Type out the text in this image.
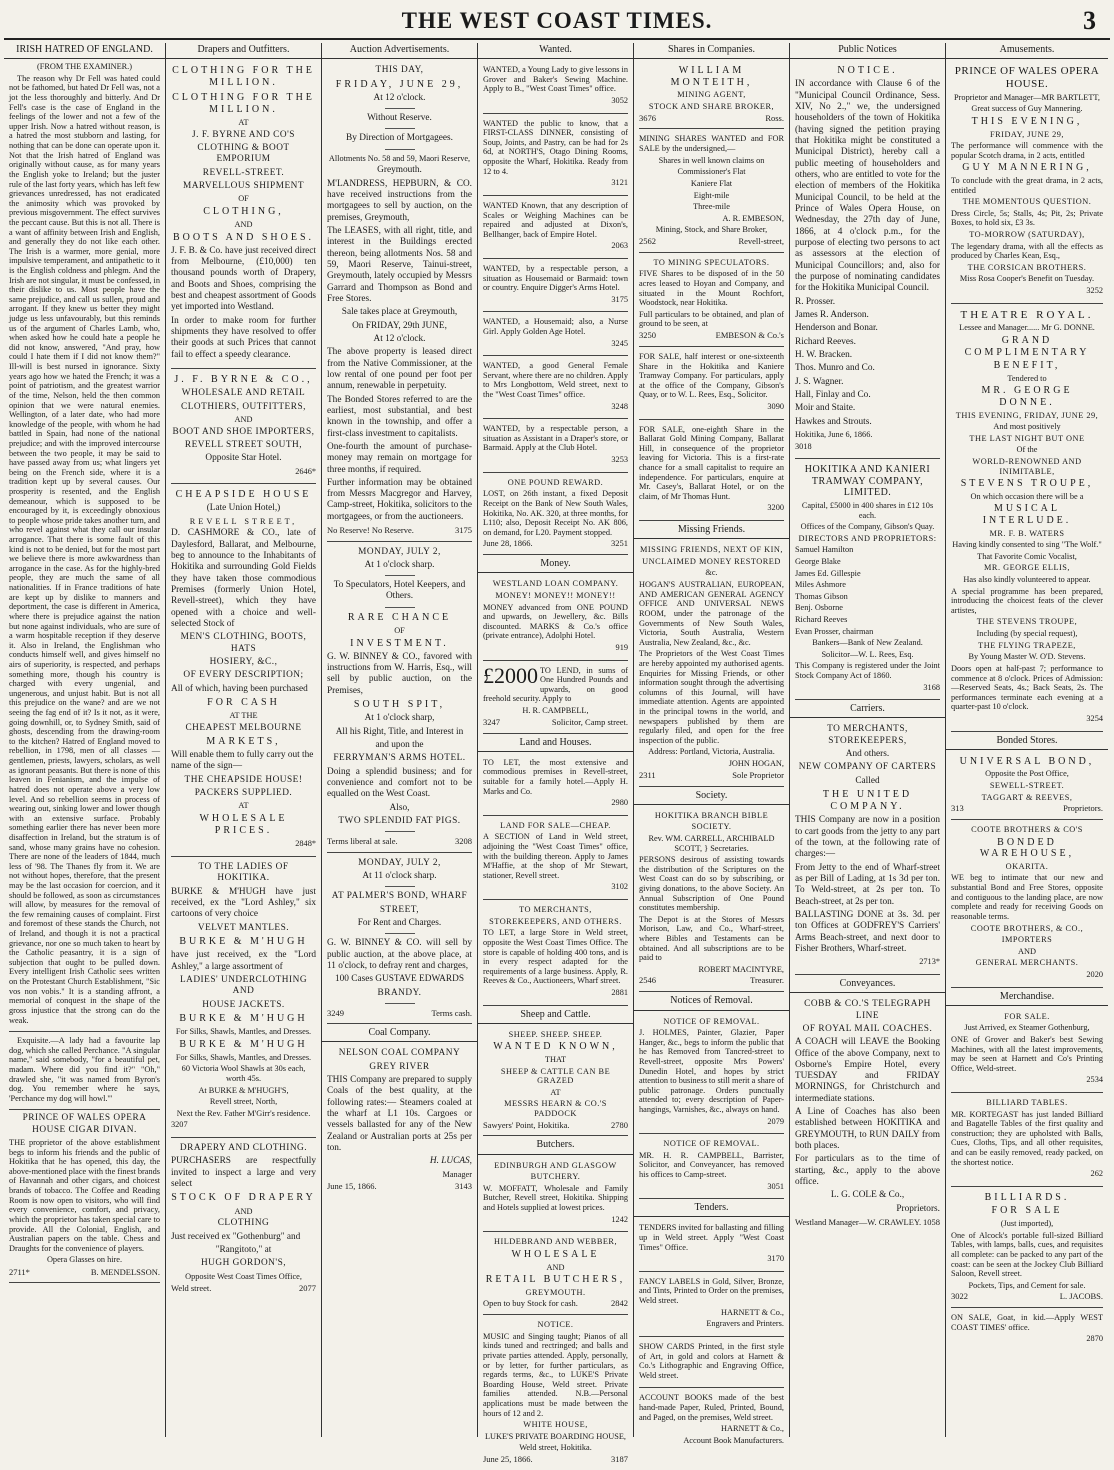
THE WEST COAST TIMES.	3
IRISH HATRED OF ENGLAND.

(FROM THE EXAMINER.)

The reason why Dr Fell was hated could not be fathomed, but hated Dr Fell was, not a jot the less thoroughly and bitterly. And Dr Fell's case is the case of England in the feelings of the lower and not a few of the upper Irish. Now a hatred without reason, is a hatred the most stubborn and lasting, for nothing that can be done can operate upon it. Not that the Irish hatred of England was originally without cause, as for many years the English yoke to Ireland; but the juster rule of the last forty years, which has left few grievances unredressed, has not eradicated the animosity which was provoked by previous misgovernment. The effect survives the peccant cause. But this is not all. There is a want of affinity between Irish and English, and generally they do not like each other. The Irish is a warmer, more genial, more impulsive temperament, and antipathetic to it is the English coldness and phlegm. And the Irish are not singular, it must be confessed, in their dislike to us. Most people have the same prejudice, and call us sullen, proud and arrogant. If they knew us better they might judge us less unfavourably, but this reminds us of the argument of Charles Lamb, who, when asked how he could hate a people he did not know, answered, "And pray, how could I hate them if I did not know them?" Ill-will is best nursed in ignorance. Sixty years ago how we hated the French; it was a point of patriotism, and the greatest warrior of the time, Nelson, held the then common opinion that we were natural enemies. Wellington, of a later date, who had more knowledge of the people, with whom he had battled in Spain, had none of the national prejudice; and with the improved intercourse between the two people, it may be said to have passed away from us; what lingers yet being on the French side, where it is a tradition kept up by several causes. Our prosperity is resented, and the English demeanour, which is supposed to be encouraged by it, is exceedingly obnoxious to people whose pride takes another turn, and who revel against what they call our insular arrogance. That there is some fault of this kind is not to be denied, but for the most part we believe there is more awkwardness than arrogance in the case. As for the highly-bred people, they are much the same of all nationalities. If in France traditions of hate are kept up by dislike to manners and deportment, the case is different in America, where there is prejudice against the nation but none against individuals, who are sure of a warm hospitable reception if they deserve it. Also in Ireland, the Englishman who conducts himself well, and gives himself no airs of superiority, is respected, and perhaps something more, though his country is charged with every ungenial, and ungenerous, and unjust habit. But is not all this prejudice on the wane? and are we not seeing the fag end of it? Is it not, as it were, going downhill, or, to Sydney Smith, said of ghosts, descending from the drawing-room to the kitchen? Hatred of England moved to rebellion, in 1798, men of all classes — gentlemen, priests, lawyers, scholars, as well as ignorant peasants. But there is none of this leaven in Fenianism, and the impulse of hatred does not operate above a very low level. And so rebellion seems in process of wearing out, sinking lower and lower though with an extensive surface. Probably something earlier there has never been more disaffection in Ireland, but the stratum is of sand, whose many grains have no cohesion. There are none of the leaders of 1844, much less of '98. The Thanes fly from it. We are not without hopes, therefore, that the present may be the last occasion for coercion, and it should be followed, as soon as circumstances will allow, by measures for the removal of the few remaining causes of complaint. First and foremost of these stands the Church, not of Ireland, and though it is not a practical grievance, nor one so much taken to heart by the Catholic peasantry, it is a sign of subjection that ought to be pulled down. Every intelligent Irish Catholic sees written on the Protestant Church Establishment, "Sic vos non vobis." It is a standing affront, a memorial of conquest in the shape of the gross injustice that the strong can do the weak.

Exquisite.—A lady had a favourite lap dog, which she called Perchance. "A singular name," said somebody, "for a beautiful pet, madam. Where did you find it?" "Oh," drawled she, "it was named from Byron's dog. You remember where he says, 'Perchance my dog will howl.'"

PRINCE OF WALES OPERA HOUSE CIGAR DIVAN.

THE proprietor of the above establishment begs to inform his friends and the public of Hokitika that he has opened, this day, the above-mentioned place with the finest brands of Havannah and other cigars, and choicest brands of tobacco. The Coffee and Reading Room is now open to visitors, who will find every convenience, comfort, and privacy, which the proprietor has taken special care to provide. All the Colonial, English, and Australian papers on the table. Chess and Draughts for the convenience of players.

Opera Glasses on hire.

2711*	B. MENDELSSON.
Drapers and Outfitters.

CLOTHING FOR THE MILLION.

CLOTHING FOR THE MILLION.

AT

J. F. BYRNE AND CO'S

CLOTHING & BOOT EMPORIUM

REVELL-STREET.

MARVELLOUS SHIPMENT

OF

CLOTHING,

AND

BOOTS AND SHOES.

J. F. B. & Co. have just received direct from Melbourne, (£10,000) ten thousand pounds worth of Drapery, and Boots and Shoes, comprising the best and cheapest assortment of Goods yet imported into Westland.

In order to make room for further shipments they have resolved to offer their goods at such Prices that cannot fail to effect a speedy clearance.

J. F. BYRNE & CO.,

WHOLESALE AND RETAIL

CLOTHIERS, OUTFITTERS,

AND

BOOT AND SHOE IMPORTERS,

REVELL STREET SOUTH,

Opposite Star Hotel.

2646*

CHEAPSIDE HOUSE

(Late Union Hotel,)

REVELL STREET,

D. CASHMORE & CO., late of Daylesford, Ballarat, and Melbourne, beg to announce to the Inhabitants of Hokitika and surrounding Gold Fields they have taken those commodious Premises (formerly Union Hotel, Revell-street), which they have opened with a choice and well-selected Stock of

MEN'S CLOTHING, BOOTS, HATS

HOSIERY, &C.,

OF EVERY DESCRIPTION;

All of which, having been purchased

FOR CASH

AT THE

CHEAPEST MELBOURNE

MARKETS,

Will enable them to fully carry out the name of the sign—

THE CHEAPSIDE HOUSE!

PACKERS SUPPLIED.

AT

WHOLESALE PRICES.

2848*

TO THE LADIES OF HOKITIKA.

BURKE & M'HUGH have just received, ex the "Lord Ashley," six cartoons of very choice

VELVET MANTLES.

BURKE & M'HUGH

have just received, ex the "Lord Ashley," a large assortment of

LADIES' UNDERCLOTHING AND

HOUSE JACKETS.

BURKE & M'HUGH

For Silks, Shawls, Mantles, and Dresses.

BURKE & M'HUGH

For Silks, Shawls, Mantles, and Dresses.

60 Victoria Wool Shawls at 30s each, worth 45s.

At BURKE & M'HUGH'S,

Revell street, North,

Next the Rev. Father M'Girr's residence.

3207

DRAPERY AND CLOTHING.

PURCHASERS are respectfully invited to inspect a large and very select

STOCK OF DRAPERY

AND

CLOTHING

Just received ex "Gothenburg" and

"Rangitoto," at

HUGH GORDON'S,

Opposite West Coast Times Office,

Weld street.	2077
Auction Advertisements.

THIS DAY,

FRIDAY, JUNE 29,

At 12 o'clock.

Without Reserve.

By Direction of Mortgagees.

Allotments No. 58 and 59, Maori Reserve,

Greymouth.

M'LANDRESS, HEPBURN, & CO. have received instructions from the mortgagees to sell by auction, on the premises, Greymouth,

The LEASES, with all right, title, and interest in the Buildings erected thereon, being allotments Nos. 58 and 59, Maori Reserve, Tainui-street, Greymouth, lately occupied by Messrs Garrard and Thompson as Bond and Free Stores.

Sale takes place at Greymouth,

On FRIDAY, 29th JUNE,

At 12 o'clock.

The above property is leased direct from the Native Commissioner, at the low rental of one pound per foot per annum, renewable in perpetuity.

The Bonded Stores referred to are the earliest, most substantial, and best known in the township, and offer a first-class investment to capitalists.

One-fourth the amount of purchase-money may remain on mortgage for three months, if required.

Further information may be obtained from Messrs Macgregor and Harvey, Camp-street, Hokitika, solicitors to the mortgagees, or from the auctioneers.

No Reserve! No Reserve.	3175

MONDAY, JULY 2,

At 1 o'clock sharp.

To Speculators, Hotel Keepers, and Others.

RARE CHANCE

OF

INVESTMENT.

G. W. BINNEY & CO., favored with instructions from W. Harris, Esq., will sell by public auction, on the Premises,

SOUTH SPIT,

At 1 o'clock sharp,

All his Right, Title, and Interest in

and upon the

FERRYMAN'S ARMS HOTEL.

Doing a splendid business; and for convenience and comfort not to be equalled on the West Coast.

Also,

TWO SPLENDID FAT PIGS.

Terms liberal at sale.	3208

MONDAY, JULY 2,

At 11 o'clock sharp.

AT PALMER'S BOND, WHARF

STREET,

For Rent and Charges.

G. W. BINNEY & CO. will sell by public auction, at the above place, at 11 o'clock, to defray rent and charges,

100 Cases GUSTAVE EDWARDS

BRANDY.

3249	Terms cash.
Coal Company.

NELSON COAL COMPANY

GREY RIVER

THIS Company are prepared to supply Coals of the best quality, at the following rates:— Steamers coaled at the wharf at L1 10s. Cargoes or vessels ballasted for any of the New Zealand or Australian ports at 25s per ton.

H. LUCAS,

Manager

June 15, 1866.	3143
Wanted.

WANTED, a Young Lady to give lessons in Grover and Baker's Sewing Machine. Apply to B., "West Coast Times" office.

3052

WANTED the public to know, that a FIRST-CLASS DINNER, consisting of Soup, Joints, and Pastry, can be had for 2s 6d, at NORTH'S, Otago Dining Rooms, opposite the Wharf, Hokitika. Ready from 12 to 4.

3121

WANTED Known, that any description of Scales or Weighing Machines can be repaired and adjusted at Dixon's, Bellhanger, back of Empire Hotel.

2063

WANTED, by a respectable person, a situation as Housemaid or Barmaid: town or country. Enquire Digger's Arms Hotel.

3175

WANTED, a Housemaid; also, a Nurse Girl. Apply Golden Age Hotel.

3245

WANTED, a good General Female Servant, where there are no children. Apply to Mrs Longbottom, Weld street, next to the "West Coast Times" office.

3248

WANTED, by a respectable person, a situation as Assistant in a Draper's store, or Barmaid. Apply at the Club Hotel.

3253

ONE POUND REWARD.

LOST, on 26th instant, a fixed Deposit Receipt on the Bank of New South Wales, Hokitika, No. AK. 320, at three months, for L110; also, Deposit Receipt No. AK 806, on demand, for L20. Payment stopped.

June 28, 1866.	3251
Money.

WESTLAND LOAN COMPANY.

MONEY! MONEY!! MONEY!!

MONEY advanced from ONE POUND and upwards, on Jewellery, &c. Bills discounted. MARKS & Co.'s office (private entrance), Adolphi Hotel.

919

£2000 TO LEND, in sums of One Hundred Pounds and upwards, on good freehold security. Apply to

H. R. CAMPBELL,

3247	Solicitor, Camp street.
Land and Houses.

TO LET, the most extensive and commodious premises in Revell-street, suitable for a family hotel.—Apply H. Marks and Co.

2980

LAND FOR SALE—CHEAP.

A SECTION of Land in Weld street, adjoining the "West Coast Times" office, with the building thereon. Apply to James M'Haffie, at the shop of Mr Stewart, stationer, Revell street.

3102

TO MERCHANTS,

STOREKEEPERS, AND OTHERS.

TO LET, a large Store in Weld street, opposite the West Coast Times Office. The store is capable of holding 400 tons, and is in every respect adapted for the requirements of a large business. Apply, R. Reeves & Co., Auctioneers, Wharf street.

2881

Sheep and Cattle.

SHEEP. SHEEP. SHEEP.

WANTED KNOWN,

THAT

SHEEP & CATTLE CAN BE GRAZED

AT

MESSRS HEARN & CO.'S PADDOCK

Sawyers' Point, Hokitika.	2780
Butchers.

EDINBURGH AND GLASGOW

BUTCHERY.

W. MOFFATT, Wholesale and Family Butcher, Revell street, Hokitika. Shipping and Hotels supplied at lowest prices.

1242

HILDEBRAND AND WEBBER,

WHOLESALE

AND

RETAIL BUTCHERS,

GREYMOUTH.

Open to buy Stock for cash.	2842

NOTICE.

MUSIC and Singing taught; Pianos of all kinds tuned and rectringed; and balls and private parties attended. Apply, personally, or by letter, for further particulars, as regards terms, &c., to LUKE'S Private Boarding House, Weld street. Private families attended. N.B.—Personal applications must be made between the hours of 12 and 2.

WHITE HOUSE,

LUKE'S PRIVATE BOARDING HOUSE,

Weld street, Hokitika.

June 25, 1866.	3187
Shares in Companies.

WILLIAM MONTEITH,

MINING AGENT,

STOCK AND SHARE BROKER,

3676	Ross.

MINING SHARES WANTED and FOR SALE by the undersigned,—

Shares in well known claims on

Commissioner's Flat

Kaniere Flat

Eight-mile

Three-mile

A. R. EMBESON,

Mining, Stock, and Share Broker,

2562	Revell-street,

TO MINING SPECULATORS.

FIVE Shares to be disposed of in the 50 acres leased to Hoyan and Company, and situated in the Mount Rochfort, Woodstock, near Hokitika.

Full particulars to be obtained, and plan of ground to be seen, at

3250	EMBESON & Co.'s

FOR SALE, half interest or one-sixteenth Share in the Hokitika and Kaniere Tramway Company. For particulars, apply at the office of the Company, Gibson's Quay, or to W. L. Rees, Esq., Solicitor.

3090

FOR SALE, one-eighth Share in the Ballarat Gold Mining Company, Ballarat Hill, in consequence of the proprietor leaving for Victoria. This is a first-rate chance for a small capitalist to require an independence. For particulars, enquire at Mr. Casey's, Ballarat Hotel, or on the claim, of Mr Thomas Hunt.

3200

Missing Friends.

MISSING FRIENDS, NEXT OF KIN,

UNCLAIMED MONEY RESTORED

&c.

HOGAN'S AUSTRALIAN, EUROPEAN, AND AMERICAN GENERAL AGENCY OFFICE AND UNIVERSAL NEWS ROOM, under the patronage of the Governments of New South Wales, Victoria, South Australia, Western Australia, New Zealand, &c., &c.

The Proprietors of the West Coast Times are hereby appointed my authorised agents. Enquiries for Missing Friends, or other information sought through the advertising columns of this Journal, will have immediate attention. Agents are appointed in the principal towns in the world, and newspapers published by them are regularly filed, and open for the free inspection of the public.

Address: Portland, Victoria, Australia.

JOHN HOGAN,

2311	Sole Proprietor
Society.

HOKITIKA BRANCH BIBLE

SOCIETY.

Rev. WM. CARRELL, ARCHIBALD SCOTT, } Secretaries.

PERSONS desirous of assisting towards the distribution of the Scriptures on the West Coast can do so by subscribing, or giving donations, to the above Society. An Annual Subscription of One Pound constitutes membership.

The Depot is at the Stores of Messrs Morison, Law, and Co., Wharf-street, where Bibles and Testaments can be obtained. And all subscriptions are to be paid to

ROBERT MACINTYRE,

2546	Treasurer.
Notices of Removal.

NOTICE OF REMOVAL.

J. HOLMES, Painter, Glazier, Paper Hanger, &c., begs to inform the public that he has Removed from Tancred-street to Revell-street, opposite Mrs Powers' Dunedin Hotel, and hopes by strict attention to business to still merit a share of public patronage. Orders punctually attended to; every description of Paper-hangings, Varnishes, &c., always on hand.

2079

NOTICE OF REMOVAL.

MR. H. R. CAMPBELL, Barrister, Solicitor, and Conveyancer, has removed his offices to Camp-street.

3051

Tenders.

TENDERS invited for ballasting and filling up in Weld street. Apply "West Coast Times" Office.

3170

FANCY LABELS in Gold, Silver, Bronze, and Tints, Printed to Order on the premises, Weld street.

HARNETT & Co.,

Engravers and Printers.

SHOW CARDS Printed, in the first style of Art, in gold and colors at Harnett & Co.'s Lithographic and Engraving Office, Weld street.

ACCOUNT BOOKS made of the best hand-made Paper, Ruled, Printed, Bound, and Paged, on the premises, Weld street.

HARNETT & Co.,

Account Book Manufacturers.

Public Notices

NOTICE.

IN accordance with Clause 6 of the "Municipal Council Ordinance, Sess. XIV, No 2.," we, the undersigned householders of the town of Hokitika (having signed the petition praying that Hokitika might be constituted a Municipal District), hereby call a public meeting of householders and others, who are entitled to vote for the election of members of the Hokitika Municipal Council, to be held at the Prince of Wales Opera House, on Wednesday, the 27th day of June, 1866, at 4 o'clock p.m., for the purpose of electing two persons to act as assessors at the election of Municipal Councillors; and, also for the purpose of nominating candidates for the Hokitika Municipal Council.

R. Prosser.

James R. Anderson.

Henderson and Bonar.

Richard Reeves.

H. W. Bracken.

Thos. Munro and Co.

J. S. Wagner.

Hall, Finlay and Co.

Moir and Staite.

Hawkes and Strouts.

Hokitika, June 6, 1866.

3018

HOKITIKA AND KANIERI TRAMWAY COMPANY, LIMITED.

Capital, £5000 in 400 shares in £12 10s each.

Offices of the Company, Gibson's Quay.

DIRECTORS AND PROPRIETORS:

Samuel Hamilton

George Blake

James Ed. Gillespie

Miles Ashmore

Thomas Gibson

Benj. Osborne

Richard Reeves

Evan Prosser, chairman

Bankers—Bank of New Zealand.

Solicitor—W. L. Rees, Esq.

This Company is registered under the Joint Stock Company Act of 1860.

3168

Carriers.

TO MERCHANTS, STOREKEEPERS,

And others.

NEW COMPANY OF CARTERS

Called

THE UNITED COMPANY.

THIS Company are now in a position to cart goods from the jetty to any part of the town, at the following rate of charges:—

From Jetty to the end of Wharf-street as per Bill of Lading, at 1s 3d per ton. To Weld-street, at 2s per ton. To Beach-street, at 2s per ton.

BALLASTING DONE at 3s. 3d. per ton Offices at GODFREY'S Carriers' Arms Beach-street, and next door to Fisher Brothers, Wharf-street.

2713*

Conveyances.

COBB & CO.'S TELEGRAPH LINE

OF ROYAL MAIL COACHES.

A COACH will LEAVE the Booking Office of the above Company, next to Osborne's Empire Hotel, every TUESDAY and FRIDAY MORNINGS, for Christchurch and intermediate stations.

A Line of Coaches has also been established between HOKITIKA and GREYMOUTH, to RUN DAILY from both places.

For particulars as to the time of starting, &c., apply to the above office.

L. G. COLE & Co.,

Proprietors.

Westland Manager—W. CRAWLEY. 1058
Amusements.

PRINCE OF WALES OPERA HOUSE.

Proprietor and Manager—MR BARTLETT,

Great success of Guy Mannering.

THIS EVENING,

FRIDAY, JUNE 29,

The performance will commence with the popular Scotch drama, in 2 acts, entitled

GUY MANNERING,

To conclude with the great drama, in 2 acts, entitled

THE MOMENTOUS QUESTION.

Dress Circle, 5s; Stalls, 4s; Pit, 2s; Private Boxes, to hold six, £3 3s.

TO-MORROW (SATURDAY),

The legendary drama, with all the effects as produced by Charles Kean, Esq.,

THE CORSICAN BROTHERS.

Miss Rosa Cooper's Benefit on Tuesday.

3252

THEATRE ROYAL.

Lessee and Manager...... Mr G. DONNE.

GRAND COMPLIMENTARY

BENEFIT,

Tendered to

MR. GEORGE DONNE.

THIS EVENING, FRIDAY, JUNE 29,

And most positively

THE LAST NIGHT BUT ONE

Of the

WORLD-RENOWNED AND INIMITABLE,

STEVENS TROUPE,

On which occasion there will be a

MUSICAL INTERLUDE.

MR. F. B. WATERS

Having kindly consented to sing "The Wolf."

That Favorite Comic Vocalist,

MR. GEORGE ELLIS,

Has also kindly volunteered to appear.

A special programme has been prepared, introducing the choicest feats of the clever artistes,

THE STEVENS TROUPE,

Including (by special request),

THE FLYING TRAPEZE,

By Young Master W. O'D. Stevens.

Doors open at half-past 7; performance to commence at 8 o'clock. Prices of Admission:—Reserved Seats, 4s.; Back Seats, 2s. The performances terminate each evening at a quarter-past 10 o'clock.

3254

Bonded Stores.

UNIVERSAL BOND,

Opposite the Post Office,

SEWELL-STREET.

TAGGART & REEVES,

313	Proprietors.

COOTE BROTHERS & CO'S

BONDED WAREHOUSE,

OKARITA.

WE beg to intimate that our new and substantial Bond and Free Stores, opposite and contiguous to the landing place, are now complete and ready for receiving Goods on reasonable terms.

COOTE BROTHERS, & CO.,

IMPORTERS

AND

GENERAL MERCHANTS.

2020

Merchandise.

FOR SALE.

Just Arrived, ex Steamer Gothenburg,

ONE of Grover and Baker's best Sewing Machines, with all the latest improvements, may be seen at Harnett and Co's Printing Office, Weld-street.

2534

BILLIARD TABLES.

MR. KORTEGAST has just landed Billiard and Bagatelle Tables of the first quality and construction; they are upholsted with Balls, Cues, Cloths, Tips, and all other requisites, and can be easily removed, ready packed, on the shortest notice.

262

BILLIARDS.

FOR SALE

(Just imported),

One of Alcock's portable full-sized Billiard Tables, with lamps, balls, cues, and requisites all complete: can be packed to any part of the coast: can be seen at the Jockey Club Billiard Saloon, Revell street.

Pockets, Tips, and Cement for sale.

3022	L. JACOBS.

ON SALE, Goat, in kid.—Apply WEST COAST TIMES' office.

2870
